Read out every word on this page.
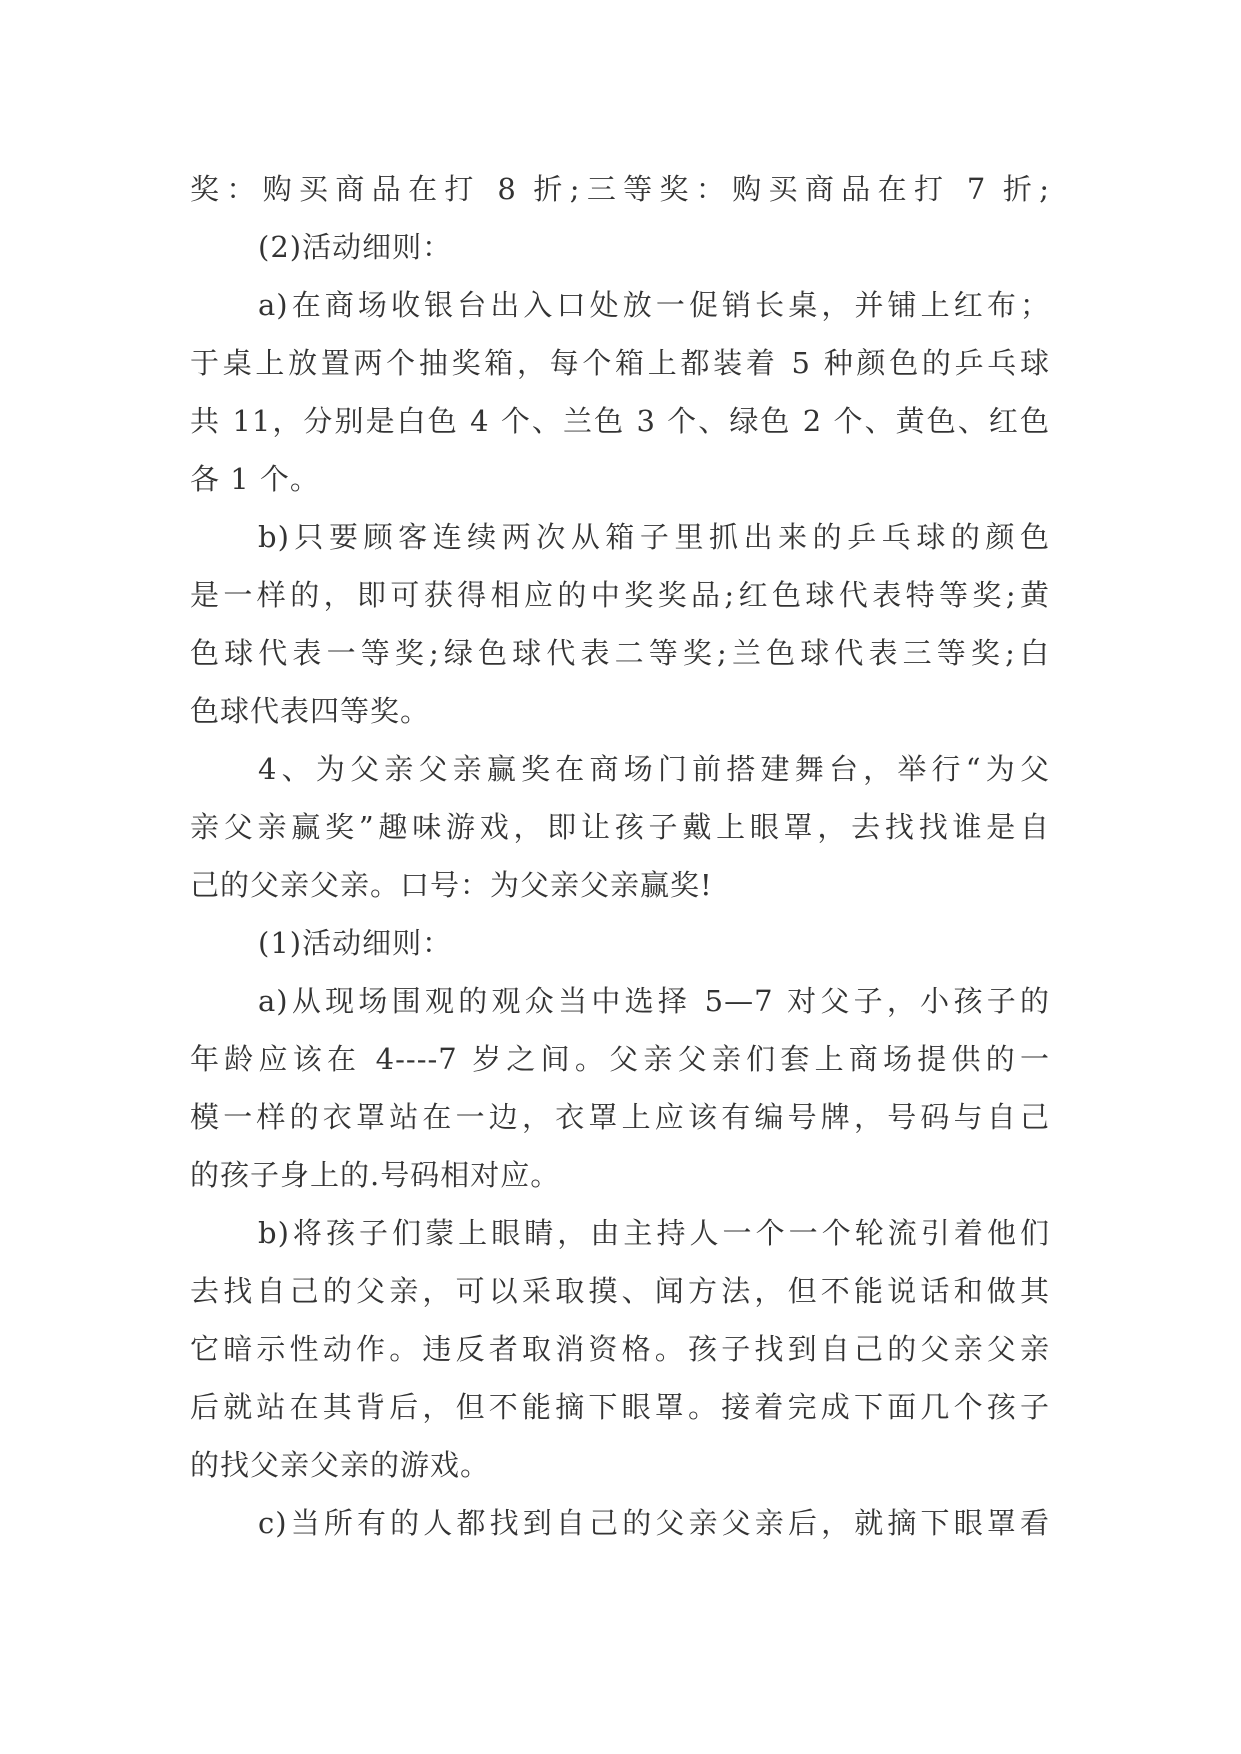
奖：购买商品在打 8 折;三等奖：购买商品在打 7 折;
(2)活动细则：
a)在商场收银台出入口处放一促销长桌，并铺上红布；
于桌上放置两个抽奖箱，每个箱上都装着 5 种颜色的乒乓球
共 11，分别是白色 4 个、兰色 3 个、绿色 2 个、黄色、红色
各 1 个。
b)只要顾客连续两次从箱子里抓出来的乒乓球的颜色
是一样的，即可获得相应的中奖奖品;红色球代表特等奖;黄
色球代表一等奖;绿色球代表二等奖;兰色球代表三等奖;白
色球代表四等奖。
4、为父亲父亲赢奖在商场门前搭建舞台，举行“为父
亲父亲赢奖”趣味游戏，即让孩子戴上眼罩，去找找谁是自
己的父亲父亲。口号：为父亲父亲赢奖!
(1)活动细则：
a)从现场围观的观众当中选择 5—7 对父子，小孩子的
年龄应该在 4----7 岁之间。父亲父亲们套上商场提供的一
模一样的衣罩站在一边，衣罩上应该有编号牌，号码与自己
的孩子身上的.号码相对应。
b)将孩子们蒙上眼睛，由主持人一个一个轮流引着他们
去找自己的父亲，可以采取摸、闻方法，但不能说话和做其
它暗示性动作。违反者取消资格。孩子找到自己的父亲父亲
后就站在其背后，但不能摘下眼罩。接着完成下面几个孩子
的找父亲父亲的游戏。
c)当所有的人都找到自己的父亲父亲后，就摘下眼罩看
